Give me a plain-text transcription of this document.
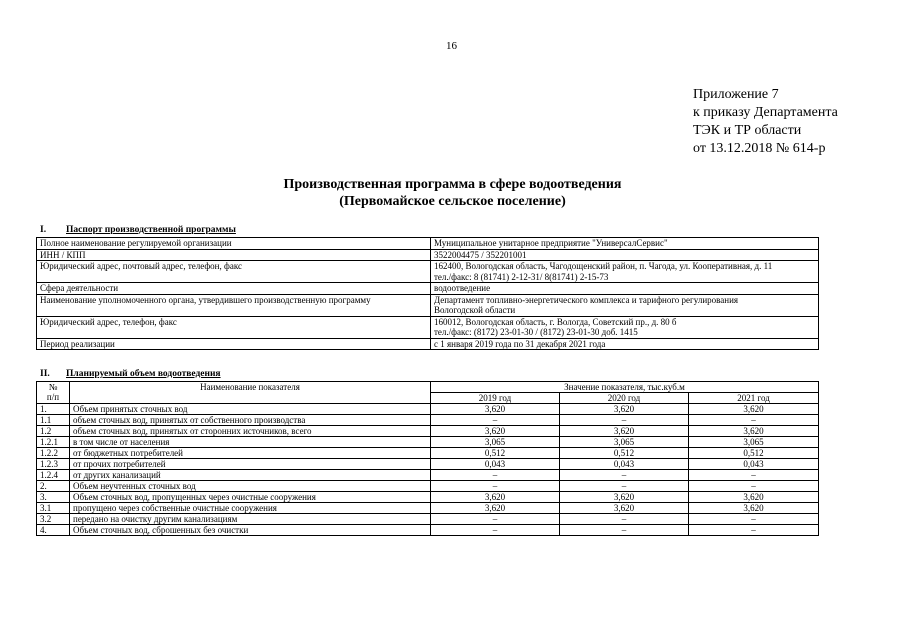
16
Приложение 7
к приказу Департамента
ТЭК и ТР области
от 13.12.2018 № 614-р
Производственная программа в сфере водоотведения
(Первомайское сельское поселение)
I. Паспорт производственной программы
Полное наименование регулируемой организации	Муниципальное унитарное предприятие "УниверсалСервис"

ИНН / КПП	3522004475 / 352201001

Юридический адрес, почтовый адрес, телефон, факс	162400, Вологодская область, Чагодощенский район, п. Чагода, ул. Кооперативная, д. 11
тел./факс: 8 (81741) 2-12-31/ 8(81741) 2-15-73

Сфера деятельности	водоотведение

Наименование уполномоченного органа, утвердившего производственную программу	Департамент топливно-энергетического комплекса и тарифного регулирования
Вологодской области

Юридический адрес, телефон, факс	160012, Вологодская область, г. Вологда, Советский пр., д. 80 б
тел./факс: (8172) 23-01-30 / (8172) 23-01-30 доб. 1415

Период реализации	с 1 января 2019 года по 31 декабря 2021 года
II. Планируемый объем водоотведения
№
п/п	Наименование показателя	Значение показателя, тыс.куб.м		
		2019 год	2020 год	2021 год
1.	Объем принятых сточных вод	3,620	3,620	3,620
1.1	объем сточных вод, принятых от собственного производства	–	–	–
1.2	объем сточных вод, принятых от сторонних источников, всего	3,620	3,620	3,620
1.2.1	в том числе от населения	3,065	3,065	3,065
1.2.2	от бюджетных потребителей	0,512	0,512	0,512
1.2.3	от прочих потребителей	0,043	0,043	0,043
1.2.4	от других канализаций	–	–	–
2.	Объем неучтенных сточных вод	–	–	–
3.	Объем сточных вод, пропущенных через очистные сооружения	3,620	3,620	3,620
3.1	пропущено через собственные очистные сооружения	3,620	3,620	3,620
3.2	передано на очистку другим канализациям	–	–	–
4.	Объем сточных вод, сброшенных без очистки	–	–	–
